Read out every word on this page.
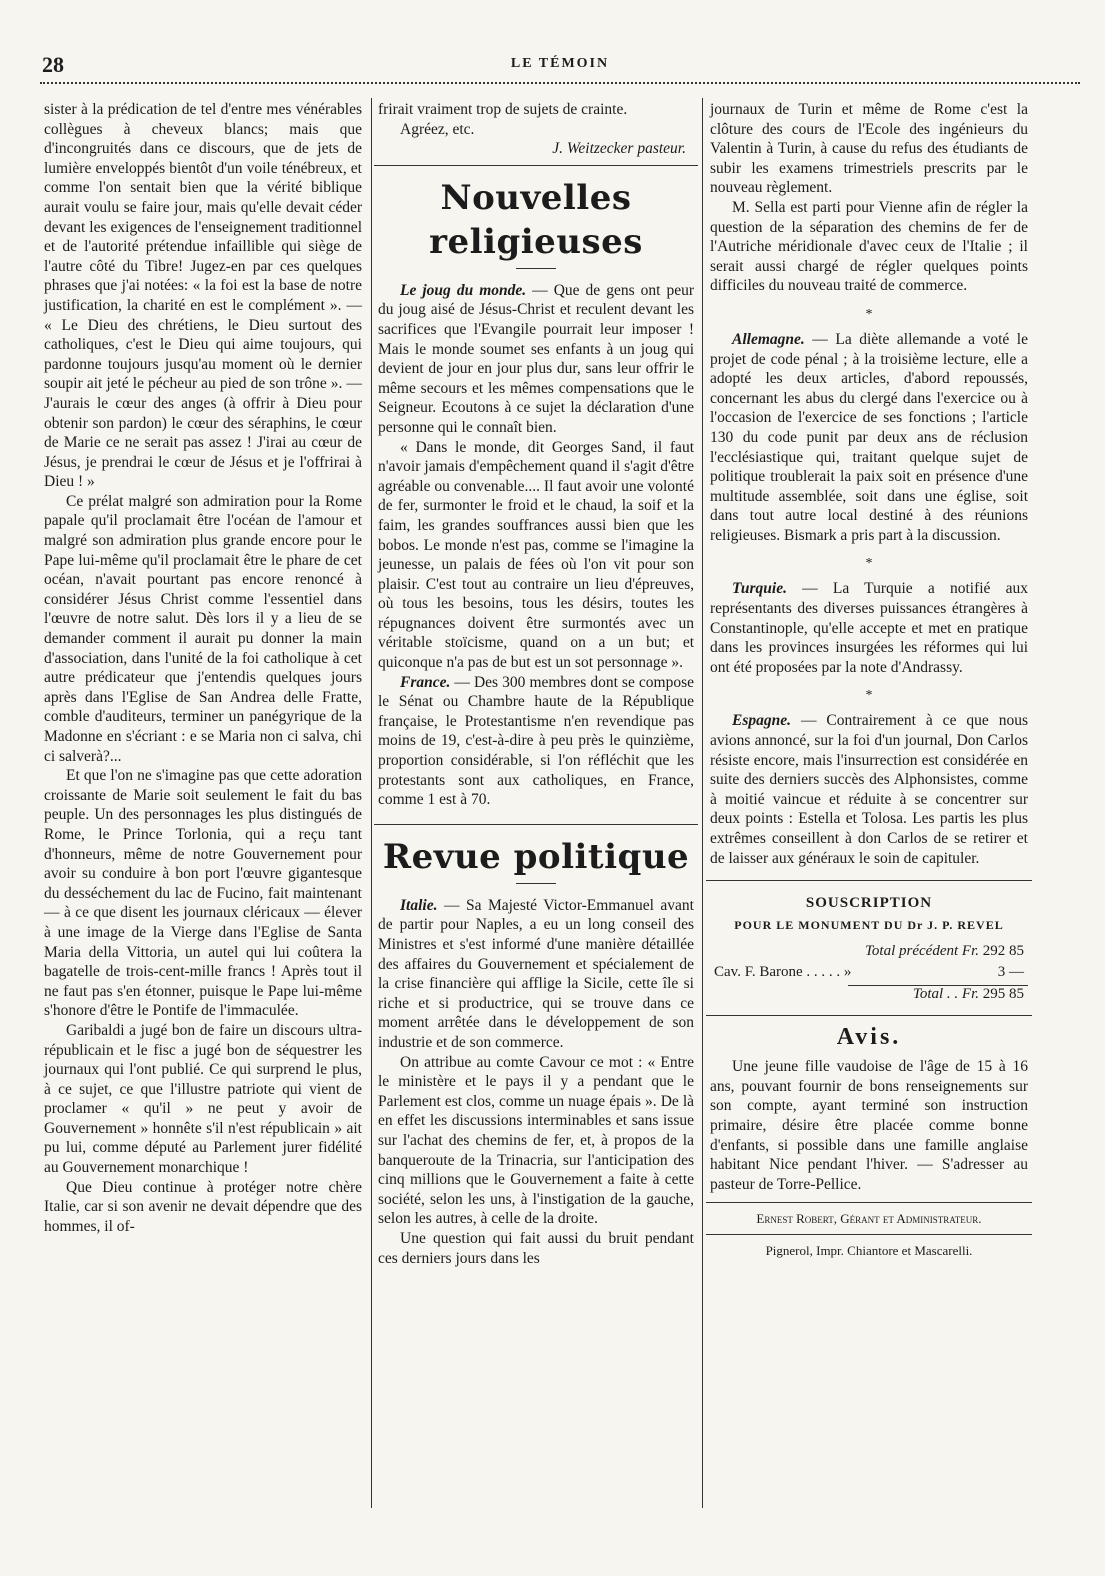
28	LE TÉMOIN

sister à la prédication de tel d'entre mes vénérables collègues à cheveux blancs; mais que d'incongruités dans ce discours, que de jets de lumière enveloppés bientôt d'un voile ténébreux, et comme l'on sentait bien que la vérité biblique aurait voulu se faire jour, mais qu'elle devait céder devant les exigences de l'enseignement traditionnel et de l'autorité prétendue infaillible qui siège de l'autre côté du Tibre! Jugez-en par ces quelques phrases que j'ai notées: « la foi est la base de notre justification, la charité en est le complément ». — « Le Dieu des chrétiens, le Dieu surtout des catholiques, c'est le Dieu qui aime toujours, qui pardonne toujours jusqu'au moment où le dernier soupir ait jeté le pécheur au pied de son trône ». — J'aurais le cœur des anges (à offrir à Dieu pour obtenir son pardon) le cœur des séraphins, le cœur de Marie ce ne serait pas assez ! J'irai au cœur de Jésus, je prendrai le cœur de Jésus et je l'offrirai à Dieu ! »

Ce prélat malgré son admiration pour la Rome papale qu'il proclamait être l'océan de l'amour et malgré son admiration plus grande encore pour le Pape lui-même qu'il proclamait être le phare de cet océan, n'avait pourtant pas encore renoncé à considérer Jésus Christ comme l'essentiel dans l'œuvre de notre salut. Dès lors il y a lieu de se demander comment il aurait pu donner la main d'association, dans l'unité de la foi catholique à cet autre prédicateur que j'entendis quelques jours après dans l'Eglise de San Andrea delle Fratte, comble d'auditeurs, terminer un panégyrique de la Madonne en s'écriant : e se Maria non ci salva, chi ci salverà?...

Et que l'on ne s'imagine pas que cette adoration croissante de Marie soit seulement le fait du bas peuple. Un des personnages les plus distingués de Rome, le Prince Torlonia, qui a reçu tant d'honneurs, même de notre Gouvernement pour avoir su conduire à bon port l'œuvre gigantesque du desséchement du lac de Fucino, fait maintenant — à ce que disent les journaux cléricaux — élever à une image de la Vierge dans l'Eglise de Santa Maria della Vittoria, un autel qui lui coûtera la bagatelle de trois-cent-mille francs ! Après tout il ne faut pas s'en étonner, puisque le Pape lui-même s'honore d'être le Pontife de l'immaculée.

Garibaldi a jugé bon de faire un discours ultra-républicain et le fisc a jugé bon de séquestrer les journaux qui l'ont publié. Ce qui surprend le plus, à ce sujet, ce que l'illustre patriote qui vient de proclamer « qu'il » ne peut y avoir de Gouvernement » honnête s'il n'est républicain » ait pu lui, comme député au Parlement jurer fidélité au Gouvernement monarchique !

Que Dieu continue à protéger notre chère Italie, car si son avenir ne devait dépendre que des hommes, il of-

frirait vraiment trop de sujets de crainte.

Agréez, etc.

J. Weitzecker pasteur.

Nouvelles religieuses

Le joug du monde. — Que de gens ont peur du joug aisé de Jésus-Christ et reculent devant les sacrifices que l'Evangile pourrait leur imposer ! Mais le monde soumet ses enfants à un joug qui devient de jour en jour plus dur, sans leur offrir le même secours et les mêmes compensations que le Seigneur. Ecoutons à ce sujet la déclaration d'une personne qui le connaît bien.

« Dans le monde, dit Georges Sand, il faut n'avoir jamais d'empêchement quand il s'agit d'être agréable ou convenable.... Il faut avoir une volonté de fer, surmonter le froid et le chaud, la soif et la faim, les grandes souffrances aussi bien que les bobos. Le monde n'est pas, comme se l'imagine la jeunesse, un palais de fées où l'on vit pour son plaisir. C'est tout au contraire un lieu d'épreuves, où tous les besoins, tous les désirs, toutes les répugnances doivent être surmontés avec un véritable stoïcisme, quand on a un but; et quiconque n'a pas de but est un sot personnage ».

France. — Des 300 membres dont se compose le Sénat ou Chambre haute de la République française, le Protestantisme n'en revendique pas moins de 19, c'est-à-dire à peu près le quinzième, proportion considérable, si l'on réfléchit que les protestants sont aux catholiques, en France, comme 1 est à 70.

Revue politique

Italie. — Sa Majesté Victor-Emmanuel avant de partir pour Naples, a eu un long conseil des Ministres et s'est informé d'une manière détaillée des affaires du Gouvernement et spécialement de la crise financière qui afflige la Sicile, cette île si riche et si productrice, qui se trouve dans ce moment arrêtée dans le développement de son industrie et de son commerce.

On attribue au comte Cavour ce mot : « Entre le ministère et le pays il y a pendant que le Parlement est clos, comme un nuage épais ». De là en effet les discussions interminables et sans issue sur l'achat des chemins de fer, et, à propos de la banqueroute de la Trinacria, sur l'anticipation des cinq millions que le Gouvernement a faite à cette société, selon les uns, à l'instigation de la gauche, selon les autres, à celle de la droite.

Une question qui fait aussi du bruit pendant ces derniers jours dans les

journaux de Turin et même de Rome c'est la clôture des cours de l'Ecole des ingénieurs du Valentin à Turin, à cause du refus des étudiants de subir les examens trimestriels prescrits par le nouveau règlement.

M. Sella est parti pour Vienne afin de régler la question de la séparation des chemins de fer de l'Autriche méridionale d'avec ceux de l'Italie ; il serait aussi chargé de régler quelques points difficiles du nouveau traité de commerce.

*

Allemagne. — La diète allemande a voté le projet de code pénal ; à la troisième lecture, elle a adopté les deux articles, d'abord repoussés, concernant les abus du clergé dans l'exercice ou à l'occasion de l'exercice de ses fonctions ; l'article 130 du code punit par deux ans de réclusion l'ecclésiastique qui, traitant quelque sujet de politique troublerait la paix soit en présence d'une multitude assemblée, soit dans une église, soit dans tout autre local destiné à des réunions religieuses. Bismark a pris part à la discussion.

*

Turquie. — La Turquie a notifié aux représentants des diverses puissances étrangères à Constantinople, qu'elle accepte et met en pratique dans les provinces insurgées les réformes qui lui ont été proposées par la note d'Andrassy.

*

Espagne. — Contrairement à ce que nous avions annoncé, sur la foi d'un journal, Don Carlos résiste encore, mais l'insurrection est considérée en suite des derniers succès des Alphonsistes, comme à moitié vaincue et réduite à se concentrer sur deux points : Estella et Tolosa. Les partis les plus extrêmes conseillent à don Carlos de se retirer et de laisser aux généraux le soin de capituler.

SOUSCRIPTION
POUR LE MONUMENT DU Dr J. P. REVEL
Total précédent Fr. 292 85
Cav. F. Barone . . . . . »	3 —
Total . . Fr. 295 85
Avis.

Une jeune fille vaudoise de l'âge de 15 à 16 ans, pouvant fournir de bons renseignements sur son compte, ayant terminé son instruction primaire, désire être placée comme bonne d'enfants, si possible dans une famille anglaise habitant Nice pendant l'hiver. — S'adresser au pasteur de Torre-Pellice.

Ernest Robert, Gérant et Administrateur.
Pignerol, Impr. Chiantore et Mascarelli.
